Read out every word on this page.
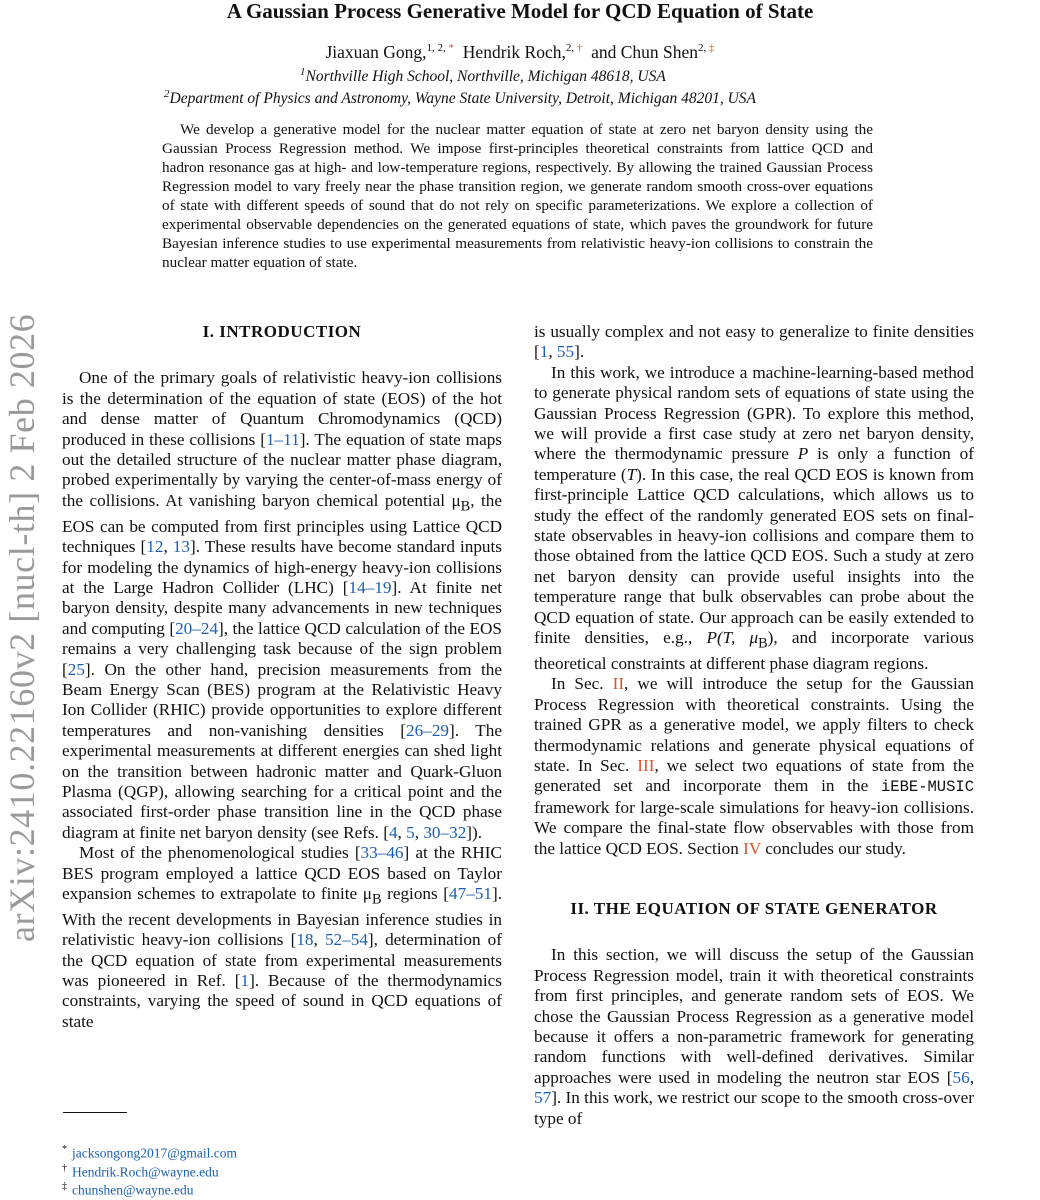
A Gaussian Process Generative Model for QCD Equation of State
Jiaxuan Gong,$^{1, 2,}$ * Hendrik Roch,$^{2,}$ † and Chun Shen$^{2,}$ ‡
$^1$Northville High School, Northville, Michigan 48618, USA
$^2$Department of Physics and Astronomy, Wayne State University, Detroit, Michigan 48201, USA

We develop a generative model for the nuclear matter equation of state at zero net baryon density using the Gaussian Process Regression method. We impose first-principles theoretical constraints from lattice QCD and hadron resonance gas at high- and low-temperature regions, respectively. By allowing the trained Gaussian Process Regression model to vary freely near the phase transition region, we generate random smooth cross-over equations of state with different speeds of sound that do not rely on specific parameterizations. We explore a collection of experimental observable dependencies on the generated equations of state, which paves the groundwork for future Bayesian inference studies to use experimental measurements from relativistic heavy-ion collisions to constrain the nuclear matter equation of state.

arXiv:2410.22160v2 [nucl-th] 2 Feb 2026	I. INTRODUCTION

One of the primary goals of relativistic heavy-ion collisions is the determination of the equation of state (EOS) of the hot and dense matter of Quantum Chromodynamics (QCD) produced in these collisions [1–11]. The equation of state maps out the detailed structure of the nuclear matter phase diagram, probed experimentally by varying the center-of-mass energy of the collisions. At vanishing baryon chemical potential $\mu_B$, the EOS can be computed from first principles using Lattice QCD techniques [12, 13]. These results have become standard inputs for modeling the dynamics of high-energy heavy-ion collisions at the Large Hadron Collider (LHC) [14–19]. At finite net baryon density, despite many advancements in new techniques and computing [20–24], the lattice QCD calculation of the EOS remains a very challenging task because of the sign problem [25]. On the other hand, precision measurements from the Beam Energy Scan (BES) program at the Relativistic Heavy Ion Collider (RHIC) provide opportunities to explore different temperatures and non-vanishing densities [26–29]. The experimental measurements at different energies can shed light on the transition between hadronic matter and Quark-Gluon Plasma (QGP), allowing searching for a critical point and the associated first-order phase transition line in the QCD phase diagram at finite net baryon density (see Refs. [4, 5, 30–32]).

Most of the phenomenological studies [33–46] at the RHIC BES program employed a lattice QCD EOS based on Taylor expansion schemes to extrapolate to finite $\mu_B$ regions [47–51]. With the recent developments in Bayesian inference studies in relativistic heavy-ion collisions [18, 52–54], determination of the QCD equation of state from experimental measurements was pioneered in Ref. [1]. Because of the thermodynamics constraints, varying the speed of sound in QCD equations of state

* jacksongong2017@gmail.com
† Hendrik.Roch@wayne.edu
‡ chunshen@wayne.edu

is usually complex and not easy to generalize to finite densities [1, 55].

In this work, we introduce a machine-learning-based method to generate physical random sets of equations of state using the Gaussian Process Regression (GPR). To explore this method, we will provide a first case study at zero net baryon density, where the thermodynamic pressure P is only a function of temperature (T). In this case, the real QCD EOS is known from first-principle Lattice QCD calculations, which allows us to study the effect of the randomly generated EOS sets on final-state observables in heavy-ion collisions and compare them to those obtained from the lattice QCD EOS. Such a study at zero net baryon density can provide useful insights into the temperature range that bulk observables can probe about the QCD equation of state. Our approach can be easily extended to finite densities, e.g., P(T, $\mu_B$), and incorporate various theoretical constraints at different phase diagram regions.

In Sec. II, we will introduce the setup for the Gaussian Process Regression with theoretical constraints. Using the trained GPR as a generative model, we apply filters to check thermodynamic relations and generate physical equations of state. In Sec. III, we select two equations of state from the generated set and incorporate them in the iEBE-MUSIC framework for large-scale simulations for heavy-ion collisions. We compare the final-state flow observables with those from the lattice QCD EOS. Section IV concludes our study.

II. THE EQUATION OF STATE GENERATOR

In this section, we will discuss the setup of the Gaussian Process Regression model, train it with theoretical constraints from first principles, and generate random sets of EOS. We chose the Gaussian Process Regression as a generative model because it offers a non-parametric framework for generating random functions with well-defined derivatives. Similar approaches were used in modeling the neutron star EOS [56, 57]. In this work, we restrict our scope to the smooth cross-over type of
